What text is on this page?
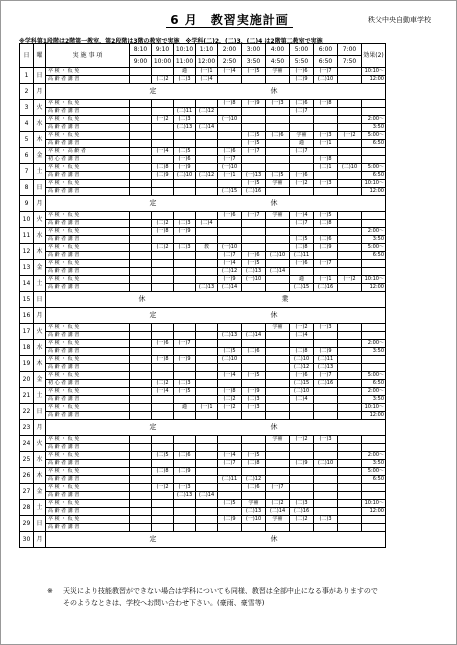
6 月　教習実施計画	秩父中央自動車学校
※学科第1段階は2階第一教室、第2段階は3階の教室で実施　※学科(二)2、(二)3、(二)4 は2階第二教室で実施
日	曜	実 施 事 項	8:10	9:10	10:10	1:10	2:00	3:00	4:00	5:00	6:00	7:00	効果(2)
			9:00	10:00	11:00	12:00	2:50	3:50	4:50	5:50	6:50	7:50	
1	日	卒 検 ・ 仮 免			適	(一)1	(一)4	(一)5	学補	(一)6	(一)7		10:10～
		高 齢 者 講 習		(二)2	(二)3	(二)4				(二)9	(二)10		12:00
2	月	定　　　　　　　　　　休											
3	火	卒 検 ・ 仮 免					(一)8	(一)9	(一)3	(二)6	(一)8		
		高 齢 者 講 習			(二)11	(二)12				(二)7			
4	水	卒 検 ・ 仮 免		(一)2	(二)3		(一)10						2:00～
		高 齢 者 講 習			(二)13	(二)14							3:50
5	木	卒 検 ・ 仮 免						(二)5	(二)6	学補	(一)3	(一)2	5:00～
		高 齢 者 講 習						(一)5		適	(一)1		6:50
6	金	卒 検 ・ 高 齢 者		(一)4	(二)5		(二)6	(一)7		(二)7			
		初 心 者 講 習			(一)6		(一)7				(一)8		
7	土	卒 検 ・ 仮 免		(二)8	(一)9		(一)10				(二)1	(二)10	5:00～
		高 齢 者 講 習		(二)9	(二)10	(二)12	(一)1	(一)13	(二)5	(一)6			6:50
8	日	卒 検 ・ 仮 免						(一)5	学補	(一)2	(一)3		10:10～
		高 齢 者 講 習					(二)15	(二)16					12:00
9	月	定　　　　　　　　　　休											
10	火	卒 検 ・ 仮 免					(一)6	(一)7	学補	(一)4	(一)5		
		高 齢 者 講 習		(二)2	(二)3	(二)4				(二)7	(二)8		
11	水	卒 検 ・ 仮 免		(一)8	(一)9								2:00～
		高 齢 者 講 習								(二)5	(二)6		3:50
12	木	卒 検 ・ 仮 免		(二)2	(二)3	教	(一)10			(二)8	(二)9		5:00～
		高 齢 者 講 習					(二)7	(一)6	(二)10	(二)11			6:50
13	金	卒 検 ・ 仮 免					(一)4	(一)5		(一)6	(一)7		
		高 齢 者 講 習					(二)12	(二)13	(二)14				
14	土	卒 検 ・ 仮 免					(一)9	(一)10		適	(一)1	(一)2	10:10～
		高 齢 者 講 習				(二)13	(二)14			(二)15	(二)16		12:00
15	日	休　　　　　　　　　　　　業											
16	月	定　　　　　　　　　　休											
17	火	卒 検 ・ 仮 免							学補	(一)2	(一)3		
		高 齢 者 講 習					(二)13	(二)14		(二)4			
18	水	卒 検 ・ 仮 免		(一)6	(一)7								2:00～
		高 齢 者 講 習					(二)5	(二)6		(二)8	(二)9		3:50
19	木	卒 検 ・ 仮 免		(一)8	(一)9		(二)10			(二)10	(二)11		
		高 齢 者 講 習								(二)12	(二)13		
20	金	卒 検 ・ 仮 免					(一)4	(一)5		(一)6	(一)7		5:00～
		初 心 者 講 習		(二)2	(二)3					(二)15	(二)16		6:50
21	土	卒 検 ・ 仮 免		(一)4	(一)5		(一)8	(一)9		(二)10			2:00～
		高 齢 者 講 習					(二)2	(二)3		(二)4			3:50
22	日	卒 検 ・ 仮 免			適	(一)1	(一)2	(一)3					10:10～
		高 齢 者 講 習											12:00
23	月	定　　　　　　　　　　休											
24	火	卒 検 ・ 仮 免							学補	(一)2	(一)3		
		高 齢 者 講 習											
25	水	卒 検 ・ 仮 免		(二)5	(二)6		(一)4	(一)5					2:00～
		高 齢 者 講 習					(二)7	(二)8		(二)9	(二)10		3:50
26	木	卒 検 ・ 仮 免		(二)8	(二)9								5:00～
		高 齢 者 講 習					(二)11	(二)12					6:50
27	金	卒 検 ・ 仮 免		(一)2	(一)3			(二)6	(一)7				
		高 齢 者 講 習			(二)13	(二)14							
28	土	卒 検 ・ 仮 免					(二)5	学補	(二)2	(二)3			10:10～
		高 齢 者 講 習						(二)13	(二)14	(二)16			12:00
29	日	卒 検 ・ 仮 免					(二)9	(一)10	学補	(二)2	(二)3		
		高 齢 者 講 習											
30	月	定　　　　　　　　　　休											
※ 天災により技能教習ができない場合は学科についても同様、教習は全部中止になる事がありますので
そのようなときは、学校へお問い合わせ下さい。(豪雨、豪雪等)
